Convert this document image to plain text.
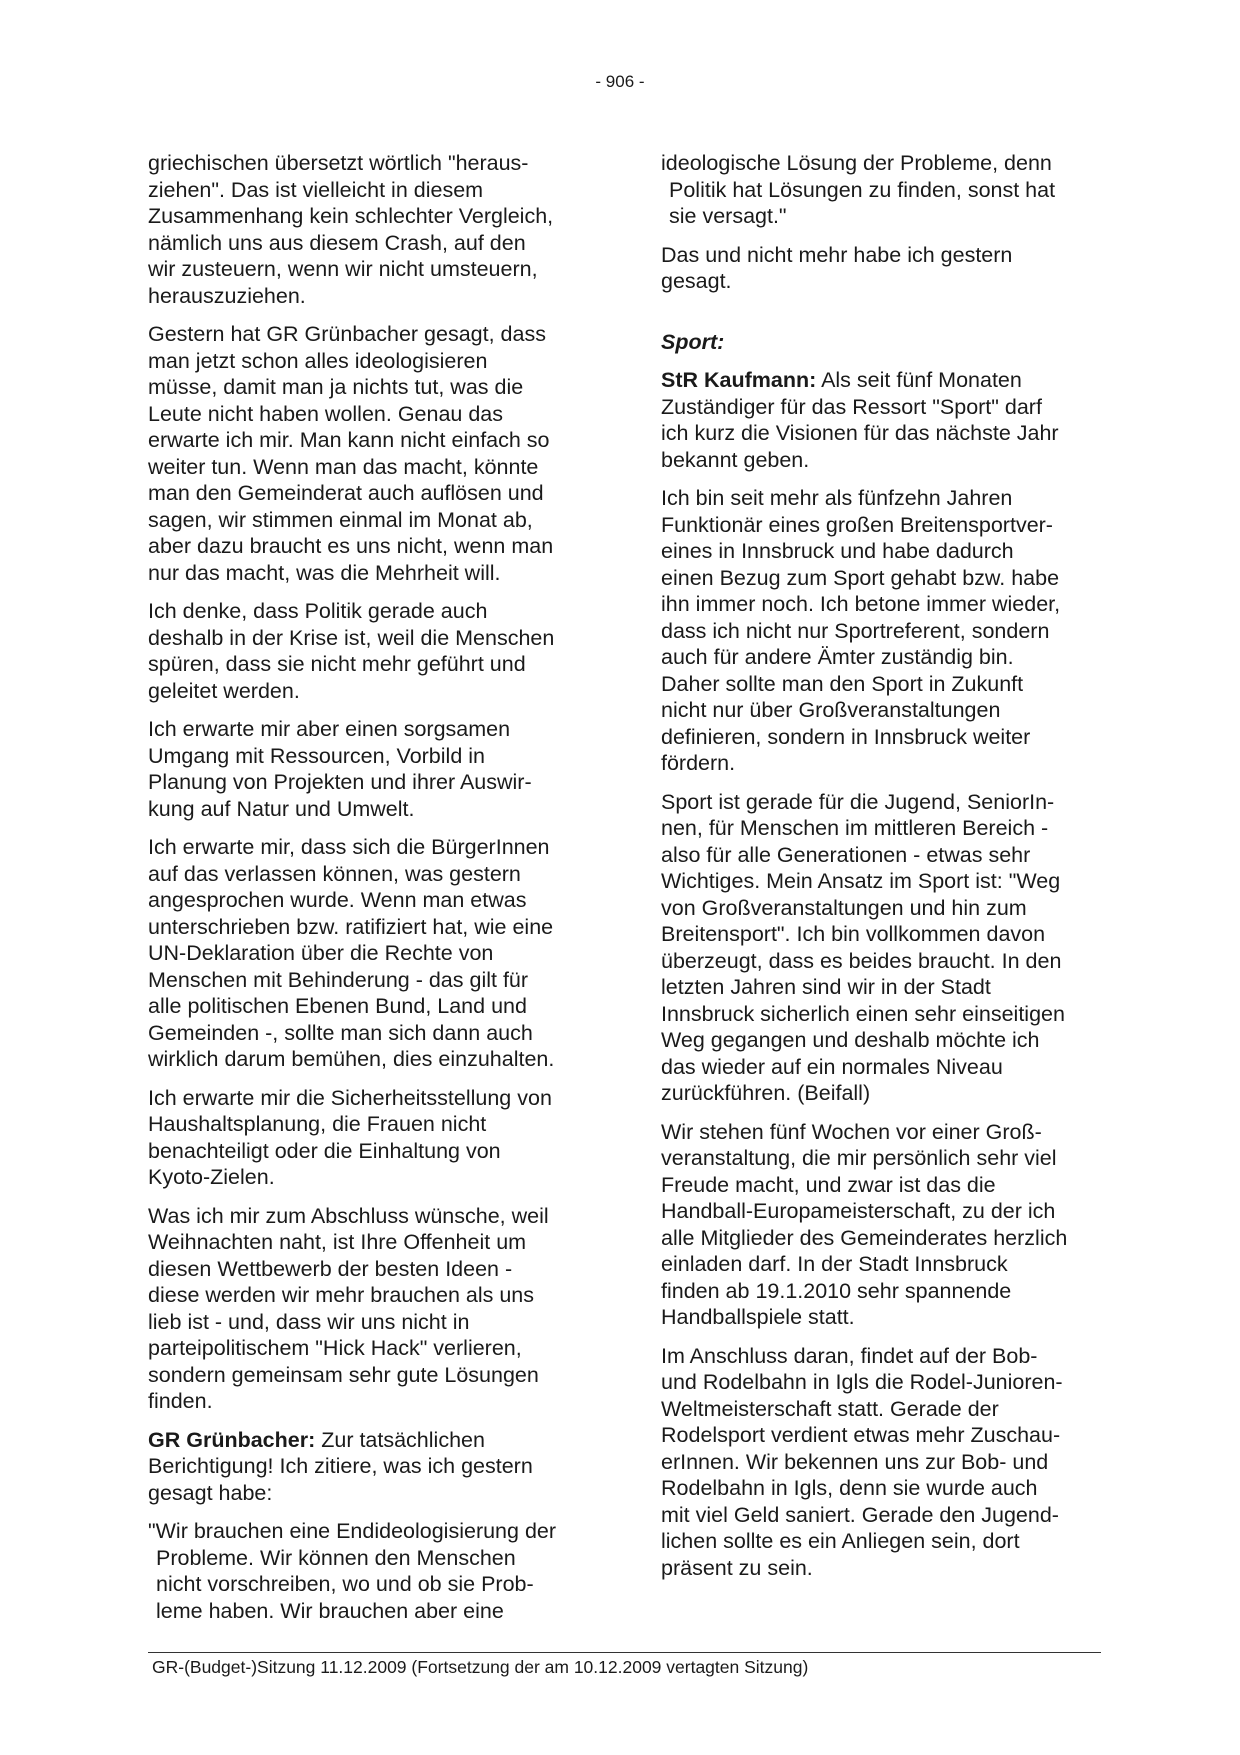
- 906 -

griechischen übersetzt wörtlich "heraus-
ziehen". Das ist vielleicht in diesem
Zusammenhang kein schlechter Vergleich,
nämlich uns aus diesem Crash, auf den
wir zusteuern, wenn wir nicht umsteuern,
herauszuziehen.

Gestern hat GR Grünbacher gesagt, dass
man jetzt schon alles ideologisieren
müsse, damit man ja nichts tut, was die
Leute nicht haben wollen. Genau das
erwarte ich mir. Man kann nicht einfach so
weiter tun. Wenn man das macht, könnte
man den Gemeinderat auch auflösen und
sagen, wir stimmen einmal im Monat ab,
aber dazu braucht es uns nicht, wenn man
nur das macht, was die Mehrheit will.

Ich denke, dass Politik gerade auch
deshalb in der Krise ist, weil die Menschen
spüren, dass sie nicht mehr geführt und
geleitet werden.

Ich erwarte mir aber einen sorgsamen
Umgang mit Ressourcen, Vorbild in
Planung von Projekten und ihrer Auswir-
kung auf Natur und Umwelt.

Ich erwarte mir, dass sich die BürgerInnen
auf das verlassen können, was gestern
angesprochen wurde. Wenn man etwas
unterschrieben bzw. ratifiziert hat, wie eine
UN-Deklaration über die Rechte von
Menschen mit Behinderung - das gilt für
alle politischen Ebenen Bund, Land und
Gemeinden -, sollte man sich dann auch
wirklich darum bemühen, dies einzuhalten.

Ich erwarte mir die Sicherheitsstellung von
Haushaltsplanung, die Frauen nicht
benachteiligt oder die Einhaltung von
Kyoto-Zielen.

Was ich mir zum Abschluss wünsche, weil
Weihnachten naht, ist Ihre Offenheit um
diesen Wettbewerb der besten Ideen -
diese werden wir mehr brauchen als uns
lieb ist - und, dass wir uns nicht in
parteipolitischem "Hick Hack" verlieren,
sondern gemeinsam sehr gute Lösungen
finden.

GR Grünbacher: Zur tatsächlichen
Berichtigung! Ich zitiere, was ich gestern
gesagt habe:

"Wir brauchen eine Endideologisierung der
Probleme. Wir können den Menschen
nicht vorschreiben, wo und ob sie Prob-
leme haben. Wir brauchen aber eine

ideologische Lösung der Probleme, denn
Politik hat Lösungen zu finden, sonst hat
sie versagt."

Das und nicht mehr habe ich gestern
gesagt.

Sport:

StR Kaufmann: Als seit fünf Monaten
Zuständiger für das Ressort "Sport" darf
ich kurz die Visionen für das nächste Jahr
bekannt geben.

Ich bin seit mehr als fünfzehn Jahren
Funktionär eines großen Breitensportver-
eines in Innsbruck und habe dadurch
einen Bezug zum Sport gehabt bzw. habe
ihn immer noch. Ich betone immer wieder,
dass ich nicht nur Sportreferent, sondern
auch für andere Ämter zuständig bin.
Daher sollte man den Sport in Zukunft
nicht nur über Großveranstaltungen
definieren, sondern in Innsbruck weiter
fördern.

Sport ist gerade für die Jugend, SeniorIn-
nen, für Menschen im mittleren Bereich -
also für alle Generationen - etwas sehr
Wichtiges. Mein Ansatz im Sport ist: "Weg
von Großveranstaltungen und hin zum
Breitensport". Ich bin vollkommen davon
überzeugt, dass es beides braucht. In den
letzten Jahren sind wir in der Stadt
Innsbruck sicherlich einen sehr einseitigen
Weg gegangen und deshalb möchte ich
das wieder auf ein normales Niveau
zurückführen. (Beifall)

Wir stehen fünf Wochen vor einer Groß-
veranstaltung, die mir persönlich sehr viel
Freude macht, und zwar ist das die
Handball-Europameisterschaft, zu der ich
alle Mitglieder des Gemeinderates herzlich
einladen darf. In der Stadt Innsbruck
finden ab 19.1.2010 sehr spannende
Handballspiele statt.

Im Anschluss daran, findet auf der Bob-
und Rodelbahn in Igls die Rodel-Junioren-
Weltmeisterschaft statt. Gerade der
Rodelsport verdient etwas mehr Zuschau-
erInnen. Wir bekennen uns zur Bob- und
Rodelbahn in Igls, denn sie wurde auch
mit viel Geld saniert. Gerade den Jugend-
lichen sollte es ein Anliegen sein, dort
präsent zu sein.

GR-(Budget-)Sitzung 11.12.2009 (Fortsetzung der am 10.12.2009 vertagten Sitzung)
